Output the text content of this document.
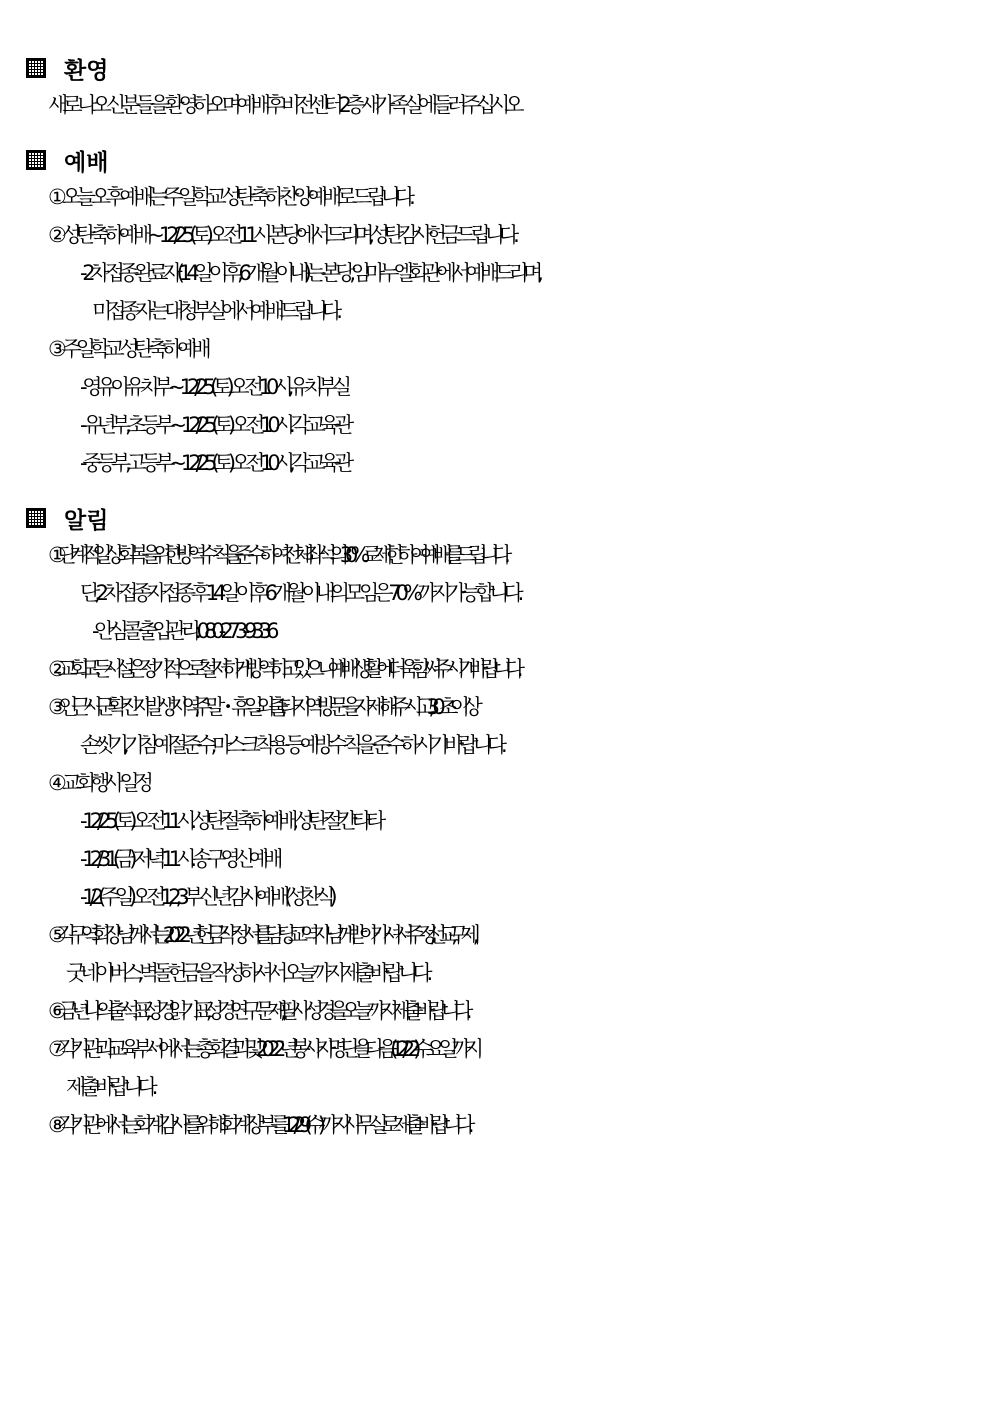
환영
새로 나오신 분들을 환영하오며 예배 후 비전센터 2층 새가족실에 들러주십시오
예배
① 오늘 오후예배는 ‘주일학교 성탄축하 찬양예배’로 드립니다.
② 성탄축하예배~12/25(토) 오전 11시 본당에서 드리며, 성탄감사헌금 드립니다.
- 2차 접종 완료자(14일 이후, 6개월 이내)는 본당, 임마누엘회관에서 예배드리며,
미접종자는 대청부실에서 예배드립니다.
③ 주일학교 성탄축하 예배
- 영유아유치부~12/25(토) 오전 10시, 유치부실
- 유년부, 초등부~12/25(토) 오전 10시. 각 교육관
- 중등부, 고등부~12/25(토) 오전 10시, 각 교육관
알림
① 단계적 일상회복을 위한 방역수칙을 준수하여 전체 좌석의 30%로 제한하여 예배를 드립니다.
단, 2차 접종자 접종 후 14일 이후 6개월 이내의 모임은 70%까지 가능합니다.
- 안심콜 출입관리: 080-273-9336
② 교회 모든 시설은 정기적으로 철저하게 방역하고 있으니 예배생활에 더욱 힘써 주시기 바랍니다.
③ 인근 시군 확진자 발생 지역, 주말・휴일 외출, 타지역 방문을 자제해 주시고, 30초 이상
손씻기, 기침 예절준수, 마스크 착용 등 예방수칙을 준수하시기 바랍니다.
④ 교회행사 일정
- 12/25(토) 오전 11시. 성탄절 축하예배, 성탄절 칸타타
- 12/31(금) 저녁 11시. 송구영신예배
- 1/2(주일) 오전1,2,3부 신년감사예배(성찬식)
⑤ 각 구역 회장님께서는 2022년 헌금 작정서를 담당 교역자님께 받아 가셔서 주정, 선교, 구제,
굿네이버스, 벽돌헌금을 작성하셔서 오늘까지 제출바랍니다.
⑥ 금년 나의 출석표, 성경 읽기표, 성경연구문제, 필사성경을 오늘까지 제출 바랍니다.
⑦ 각 기관과 교육부서에서는 총회 결과 및 2022년 봉사자 명단을 다음(12/22) 수요일까지
제출바랍니다.
⑧ 각 기관에서는 회계감사를 위해 회계장부를 12/29(수)까지 사무실로 제출 바랍니다.
